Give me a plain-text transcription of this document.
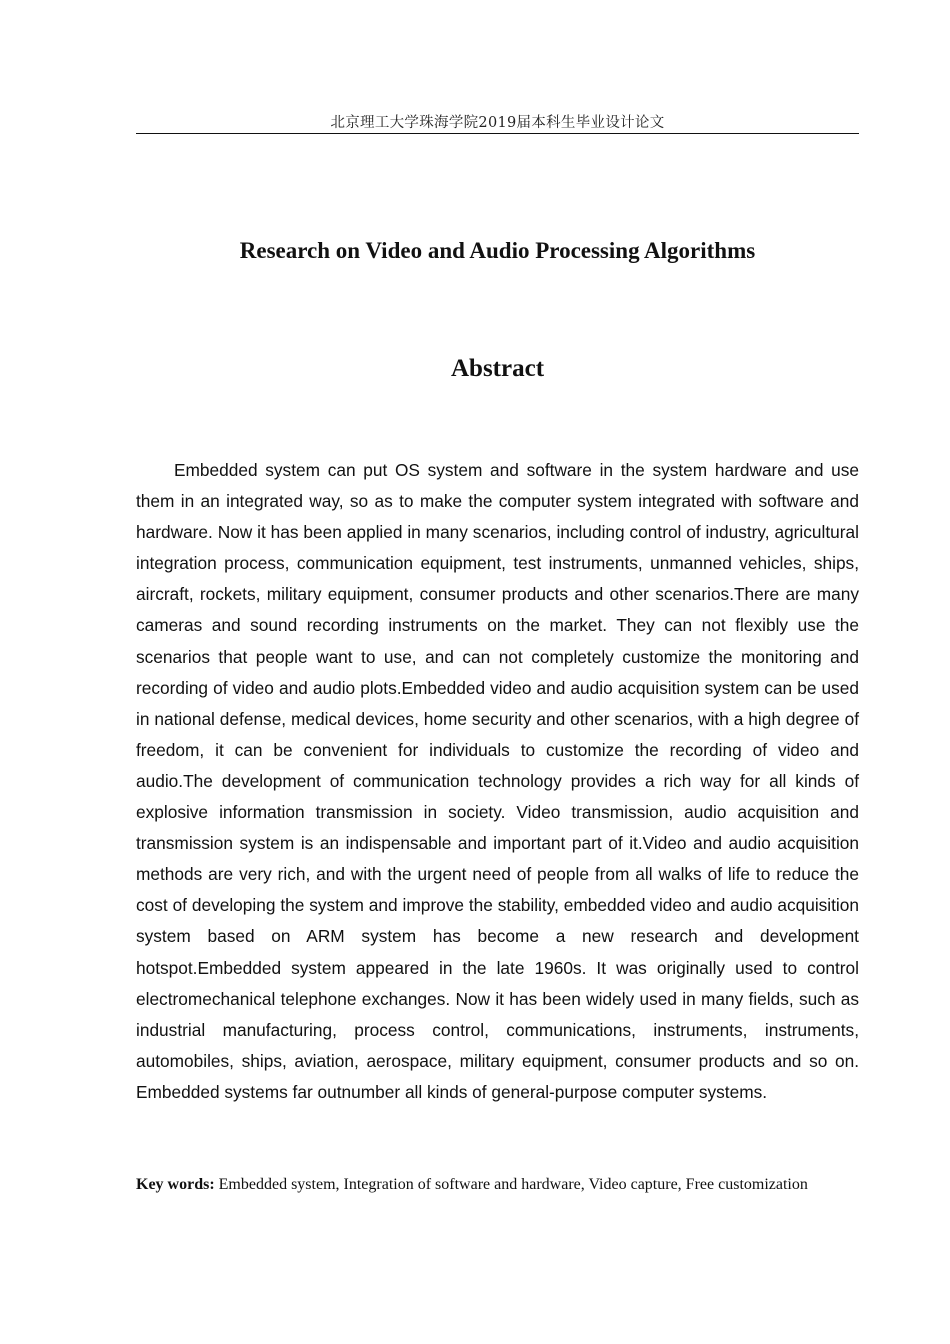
北京理工大学珠海学院2019届本科生毕业设计论文
Research on Video and Audio Processing Algorithms
Abstract

Embedded system can put OS system and software in the system hardware and use them in an integrated way, so as to make the computer system integrated with software and hardware. Now it has been applied in many scenarios, including control of industry, agricultural integration process, communication equipment, test instruments, unmanned vehicles, ships, aircraft, rockets, military equipment, consumer products and other scenarios.There are many cameras and sound recording instruments on the market. They can not flexibly use the scenarios that people want to use, and can not completely customize the monitoring and recording of video and audio plots.Embedded video and audio acquisition system can be used in national defense, medical devices, home security and other scenarios, with a high degree of freedom, it can be convenient for individuals to customize the recording of video and audio.The development of communication technology provides a rich way for all kinds of explosive information transmission in society. Video transmission, audio acquisition and transmission system is an indispensable and important part of it.Video and audio acquisition methods are very rich, and with the urgent need of people from all walks of life to reduce the cost of developing the system and improve the stability, embedded video and audio acquisition system based on ARM system has become a new research and development hotspot.Embedded system appeared in the late 1960s. It was originally used to control electromechanical telephone exchanges. Now it has been widely used in many fields, such as industrial manufacturing, process control, communications, instruments, instruments, automobiles, ships, aviation, aerospace, military equipment, consumer products and so on. Embedded systems far outnumber all kinds of general-purpose computer systems.

Key words: Embedded system, Integration of software and hardware, Video capture, Free customization
